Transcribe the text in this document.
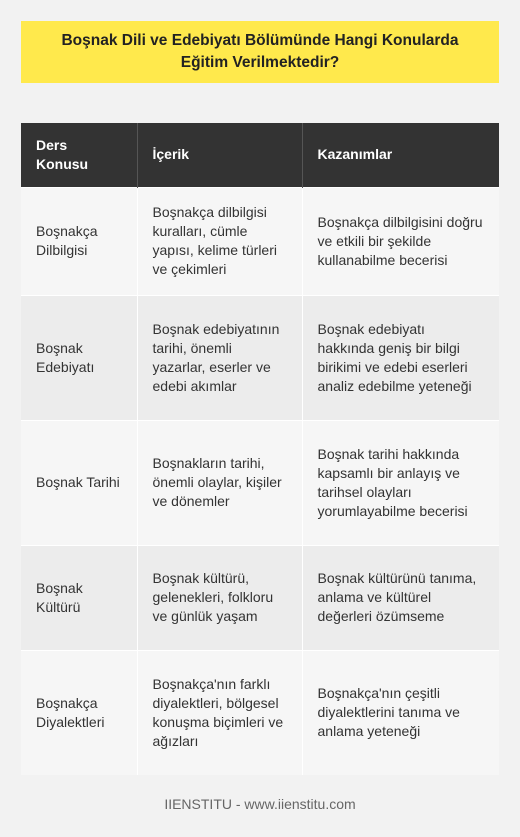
Boşnak Dili ve Edebiyatı Bölümünde Hangi Konularda Eğitim Verilmektedir?
Ders Konusu	İçerik	Kazanımlar
Boşnakça Dilbilgisi	Boşnakça dilbilgisi kuralları, cümle yapısı, kelime türleri ve çekimleri	Boşnakça dilbilgisini doğru ve etkili bir şekilde kullanabilme becerisi
Boşnak Edebiyatı	Boşnak edebiyatının tarihi, önemli yazarlar, eserler ve edebi akımlar	Boşnak edebiyatı hakkında geniş bir bilgi birikimi ve edebi eserleri analiz edebilme yeteneği
Boşnak Tarihi	Boşnakların tarihi, önemli olaylar, kişiler ve dönemler	Boşnak tarihi hakkında kapsamlı bir anlayış ve tarihsel olayları yorumlayabilme becerisi
Boşnak Kültürü	Boşnak kültürü, gelenekleri, folkloru ve günlük yaşam	Boşnak kültürünü tanıma, anlama ve kültürel değerleri özümseme
Boşnakça Diyalektleri	Boşnakça'nın farklı diyalektleri, bölgesel konuşma biçimleri ve ağızları	Boşnakça'nın çeşitli diyalektlerini tanıma ve anlama yeteneği
IIENSTITU - www.iienstitu.com
